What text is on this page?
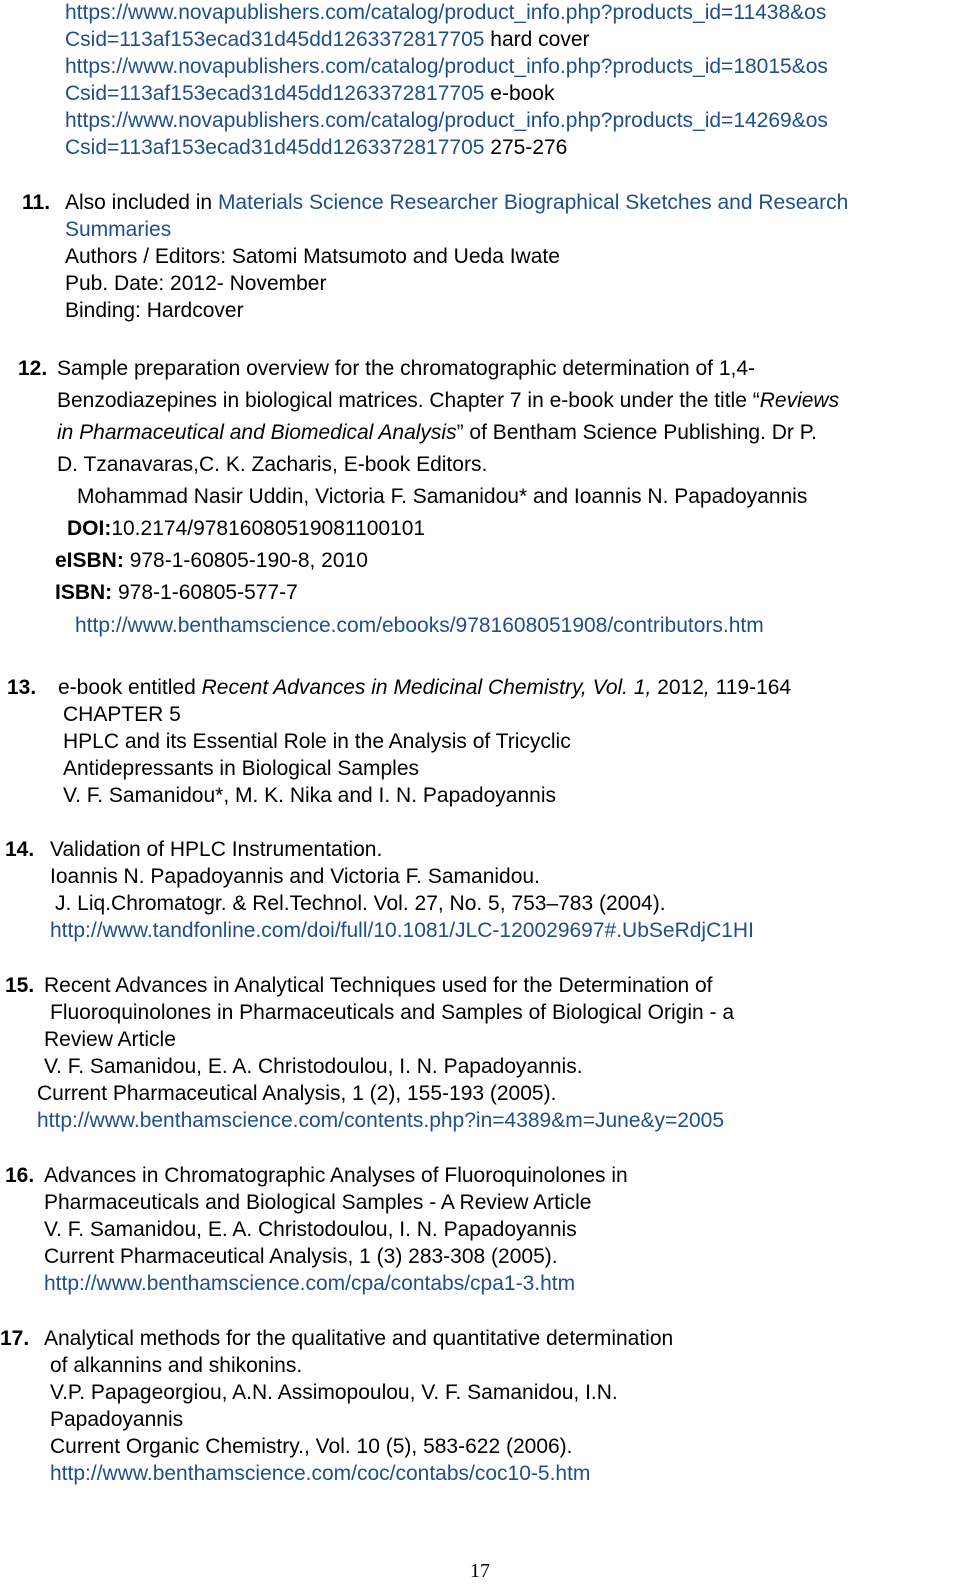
https://www.novapublishers.com/catalog/product_info.php?products_id=11438&os
Csid=113af153ecad31d45dd1263372817705 hard cover
https://www.novapublishers.com/catalog/product_info.php?products_id=18015&os
Csid=113af153ecad31d45dd1263372817705 e-book
https://www.novapublishers.com/catalog/product_info.php?products_id=14269&os
Csid=113af153ecad31d45dd1263372817705 275-276
11. Also included in Materials Science Researcher Biographical Sketches and Research
Summaries
Authors / Editors: Satomi Matsumoto and Ueda Iwate
Pub. Date: 2012- November
Binding: Hardcover
12. Sample preparation overview for the chromatographic determination of 1,4-
Benzodiazepines in biological matrices. Chapter 7 in e-book under the title “Reviews
in Pharmaceutical and Biomedical Analysis” of Bentham Science Publishing. Dr P.
D. Tzanavaras,C. K. Zacharis, E-book Editors.
Mohammad Nasir Uddin, Victoria F. Samanidou* and Ioannis N. Papadoyannis
DOI:10.2174/97816080519081100101
eISBN: 978-1-60805-190-8, 2010
ISBN: 978-1-60805-577-7
http://www.benthamscience.com/ebooks/9781608051908/contributors.htm
13. e-book entitled Recent Advances in Medicinal Chemistry, Vol. 1, 2012, 119-164
CHAPTER 5
HPLC and its Essential Role in the Analysis of Tricyclic
Antidepressants in Biological Samples
V. F. Samanidou*, M. K. Nika and I. N. Papadoyannis
14. Validation of HPLC Instrumentation.
Ioannis N. Papadoyannis and Victoria F. Samanidou.
J. Liq.Chromatogr. & Rel.Technol. Vol. 27, No. 5, 753–783 (2004).
http://www.tandfonline.com/doi/full/10.1081/JLC-120029697#.UbSeRdjC1HI
15. Recent Advances in Analytical Techniques used for the Determination of
Fluoroquinolones in Pharmaceuticals and Samples of Biological Origin - a
Review Article
V. F. Samanidou, E. A. Christodoulou, I. N. Papadoyannis.
Current Pharmaceutical Analysis, 1 (2), 155-193 (2005).
http://www.benthamscience.com/contents.php?in=4389&m=June&y=2005
16. Advances in Chromatographic Analyses of Fluoroquinolones in
Pharmaceuticals and Biological Samples - A Review Article
V. F. Samanidou, E. A. Christodoulou, I. N. Papadoyannis
Current Pharmaceutical Analysis, 1 (3) 283-308 (2005).
http://www.benthamscience.com/cpa/contabs/cpa1-3.htm
17. Analytical methods for the qualitative and quantitative determination
of alkannins and shikonins.
V.P. Papageorgiou, A.N. Assimopoulou, V. F. Samanidou, I.N.
Papadoyannis
Current Organic Chemistry., Vol. 10 (5), 583-622 (2006).
http://www.benthamscience.com/coc/contabs/coc10-5.htm
17
